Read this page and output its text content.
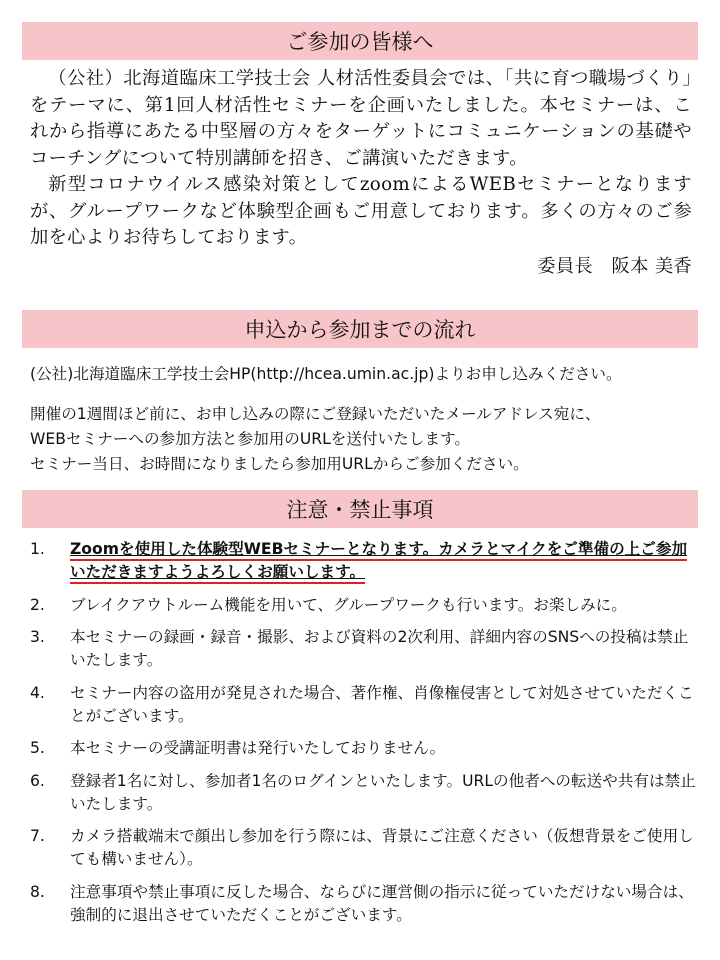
ご参加の皆様へ

（公社）北海道臨床工学技士会 人材活性委員会では、「共に育つ職場づくり」をテーマに、第1回人材活性セミナーを企画いたしました。本セミナーは、これから指導にあたる中堅層の方々をターゲットにコミュニケーションの基礎やコーチングについて特別講師を招き、ご講演いただきます。

新型コロナウイルス感染対策としてzoomによるWEBセミナーとなりますが、グループワークなど体験型企画もご用意しております。多くの方々のご参加を心よりお待ちしております。

委員長　阪本 美香

申込から参加までの流れ

(公社)北海道臨床工学技士会HP(http://hcea.umin.ac.jp)よりお申し込みください。

開催の1週間ほど前に、お申し込みの際にご登録いただいたメールアドレス宛に、

WEBセミナーへの参加方法と参加用のURLを送付いたします。

セミナー当日、お時間になりましたら参加用URLからご参加ください。

注意・禁止事項
1.	Zoomを使用した体験型WEBセミナーとなります。カメラとマイクをご準備の上ご参加いただきますようよろしくお願いします。
2.	ブレイクアウトルーム機能を用いて、グループワークも行います。お楽しみに。
3.	本セミナーの録画・録音・撮影、および資料の2次利用、詳細内容のSNSへの投稿は禁止いたします。
4.	セミナー内容の盗用が発見された場合、著作権、肖像権侵害として対処させていただくことがございます。
5.	本セミナーの受講証明書は発行いたしておりません。
6.	登録者1名に対し、参加者1名のログインといたします。URLの他者への転送や共有は禁止いたします。
7.	カメラ搭載端末で顔出し参加を行う際には、背景にご注意ください（仮想背景をご使用しても構いません）。
8.	注意事項や禁止事項に反した場合、ならびに運営側の指示に従っていただけない場合は、強制的に退出させていただくことがございます。
